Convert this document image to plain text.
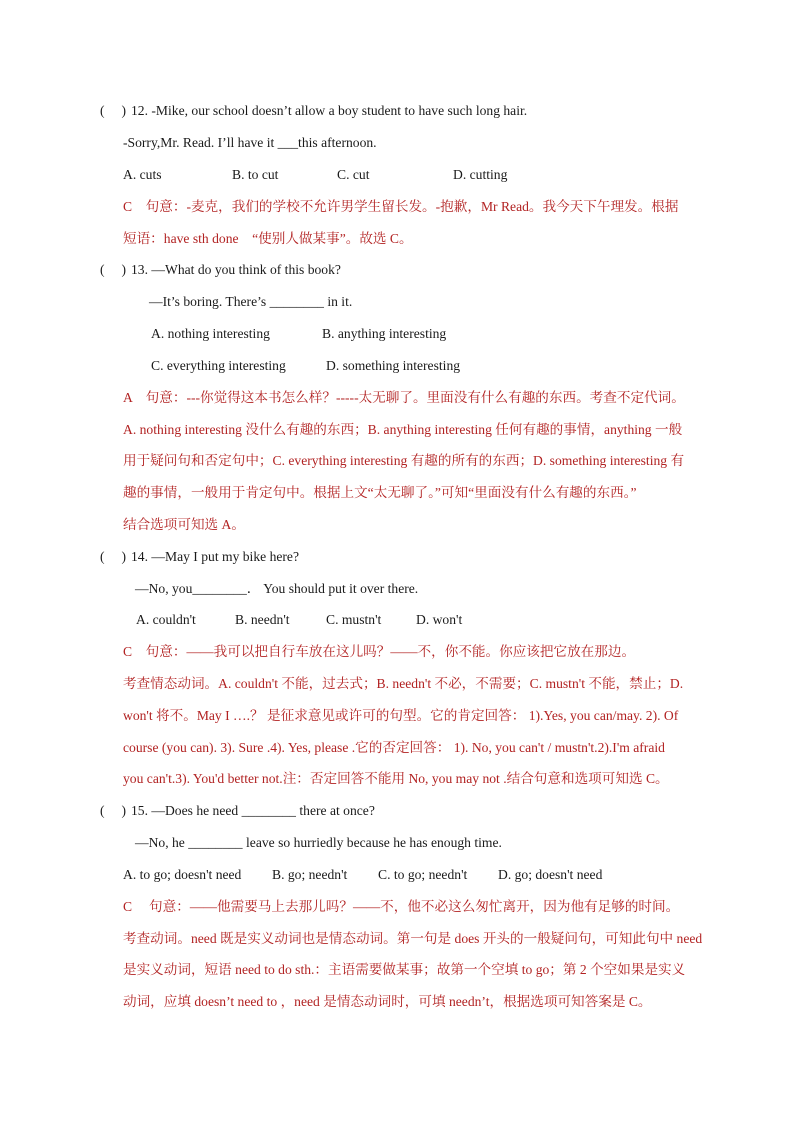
(　 ) 12. -Mike, our school doesn’t allow a boy student to have such long hair.
-Sorry,Mr. Read. I’ll have it ___this afternoon.
A. cuts	B. to cut	C. cut	D. cutting
C　句意：-麦克，我们的学校不允许男学生留长发。-抱歉，Mr Read。我今天下午理发。根据
短语：have sth done　“使别人做某事”。故选 C。
(　 ) 13. —What do you think of this book?
—It’s boring. There’s ________ in it.
A. nothing interesting	B. anything interesting
C. everything interesting	D. something interesting
A　句意：---你觉得这本书怎么样？-----太无聊了。里面没有什么有趣的东西。考查不定代词。
A. nothing interesting 没什么有趣的东西；B. anything interesting 任何有趣的事情，anything 一般
用于疑问句和否定句中；C. everything interesting 有趣的所有的东西；D. something interesting 有
趣的事情，一般用于肯定句中。根据上文“太无聊了。”可知“里面没有什么有趣的东西。”
结合选项可知选 A。
(　 ) 14. —May I put my bike here?
—No, you________． You should put it over there.
A. couldn't	B. needn't	C. mustn't	D. won't
C　句意：——我可以把自行车放在这儿吗？——不，你不能。你应该把它放在那边。
考查情态动词。A. couldn't 不能，过去式；B. needn't 不必，不需要；C. mustn't 不能，禁止；D.
won't 将不。May I ….？ 是征求意见或许可的句型。它的肯定回答： 1).Yes, you can/may. 2). Of
course (you can). 3). Sure .4). Yes, please .它的否定回答： 1). No, you can't / mustn't.2).I'm afraid
you can't.3). You'd better not.注：否定回答不能用 No, you may not .结合句意和选项可知选 C。
(　 ) 15. —Does he need ________ there at once?
—No, he ________ leave so hurriedly because he has enough time.
A. to go; doesn't need B. go; needn't C. to go; needn't D. go; doesn't need
C　 句意：——他需要马上去那儿吗？——不，他不必这么匆忙离开，因为他有足够的时间。
考查动词。need 既是实义动词也是情态动词。第一句是 does 开头的一般疑问句，可知此句中 need
是实义动词，短语 need to do sth.：主语需要做某事；故第一个空填 to go；第 2 个空如果是实义
动词，应填 doesn’t need to ，need 是情态动词时，可填 needn’t，根据选项可知答案是 C。
